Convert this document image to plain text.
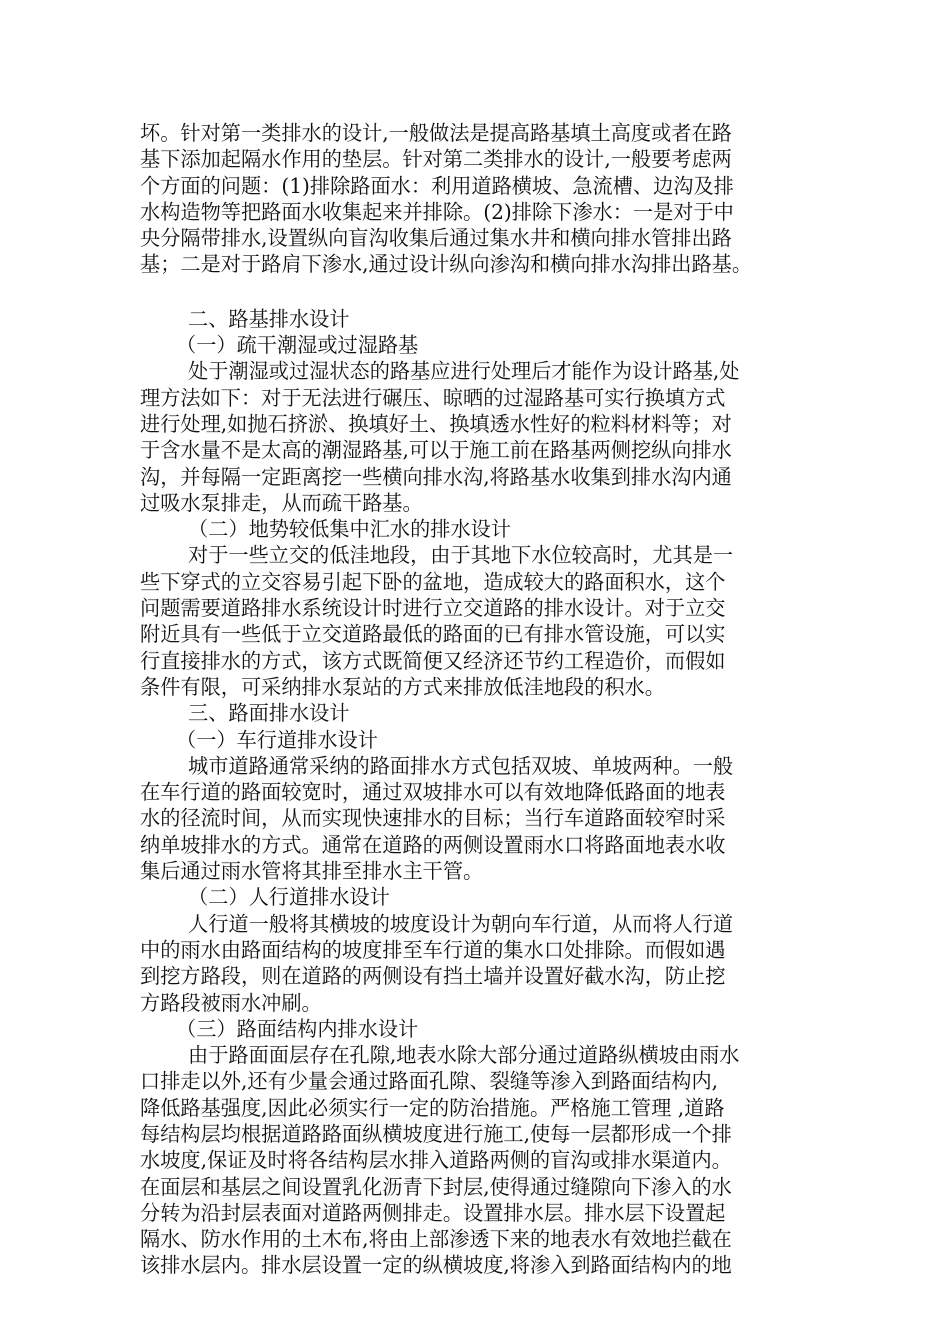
坏。针对第一类排水的设计,一般做法是提高路基填土高度或者在路
基下添加起隔水作用的垫层。针对第二类排水的设计,一般要考虑两
个方面的问题：(1)排除路面水：利用道路横坡、急流槽、边沟及排
水构造物等把路面水收集起来并排除。(2)排除下渗水：一是对于中
央分隔带排水,设置纵向盲沟收集后通过集水井和横向排水管排出路
基；二是对于路肩下渗水,通过设计纵向渗沟和横向排水沟排出路基。
二、路基排水设计
（一）疏干潮湿或过湿路基
处于潮湿或过湿状态的路基应进行处理后才能作为设计路基,处
理方法如下：对于无法进行碾压、晾晒的过湿路基可实行换填方式
进行处理,如抛石挤淤、换填好土、换填透水性好的粒料材料等；对
于含水量不是太高的潮湿路基,可以于施工前在路基两侧挖纵向排水
沟，并每隔一定距离挖一些横向排水沟,将路基水收集到排水沟内通
过吸水泵排走，从而疏干路基。
（二）地势较低集中汇水的排水设计
对于一些立交的低洼地段，由于其地下水位较高时，尤其是一
些下穿式的立交容易引起下卧的盆地，造成较大的路面积水，这个
问题需要道路排水系统设计时进行立交道路的排水设计。对于立交
附近具有一些低于立交道路最低的路面的已有排水管设施，可以实
行直接排水的方式，该方式既简便又经济还节约工程造价，而假如
条件有限，可采纳排水泵站的方式来排放低洼地段的积水。
三、路面排水设计
（一）车行道排水设计
城市道路通常采纳的路面排水方式包括双坡、单坡两种。一般
在车行道的路面较宽时，通过双坡排水可以有效地降低路面的地表
水的径流时间，从而实现快速排水的目标；当行车道路面较窄时采
纳单坡排水的方式。通常在道路的两侧设置雨水口将路面地表水收
集后通过雨水管将其排至排水主干管。
（二）人行道排水设计
人行道一般将其横坡的坡度设计为朝向车行道，从而将人行道
中的雨水由路面结构的坡度排至车行道的集水口处排除。而假如遇
到挖方路段，则在道路的两侧设有挡土墙并设置好截水沟，防止挖
方路段被雨水冲刷。
（三）路面结构内排水设计
由于路面面层存在孔隙,地表水除大部分通过道路纵横坡由雨水
口排走以外,还有少量会通过路面孔隙、裂缝等渗入到路面结构内,
降低路基强度,因此必须实行一定的防治措施。严格施工管理 ,道路
每结构层均根据道路路面纵横坡度进行施工,使每一层都形成一个排
水坡度,保证及时将各结构层水排入道路两侧的盲沟或排水渠道内。
在面层和基层之间设置乳化沥青下封层,使得通过缝隙向下渗入的水
分转为沿封层表面对道路两侧排走。设置排水层。排水层下设置起
隔水、防水作用的土木布,将由上部渗透下来的地表水有效地拦截在
该排水层内。排水层设置一定的纵横坡度,将渗入到路面结构内的地
